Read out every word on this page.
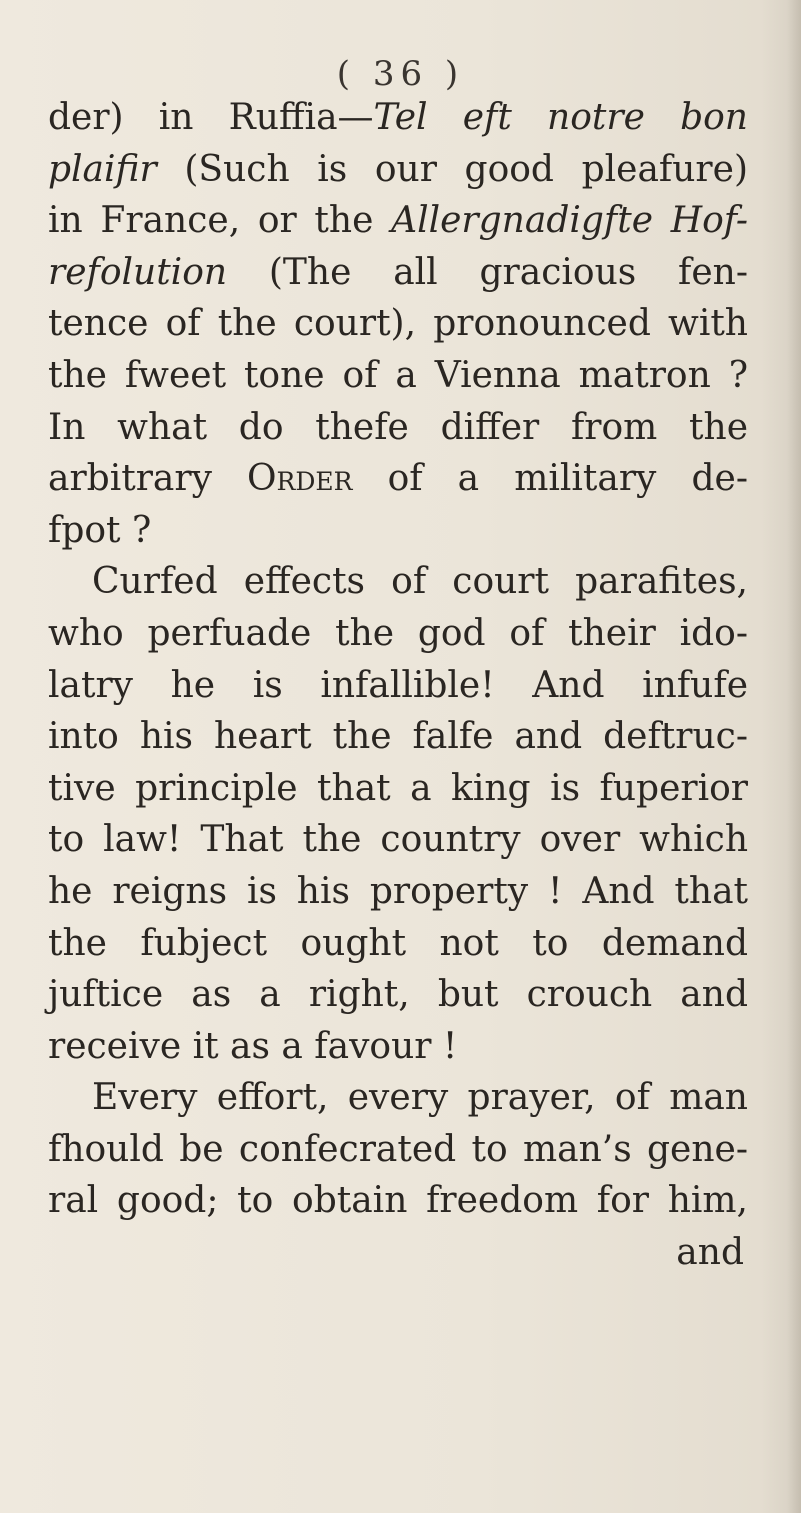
( 36 )
der) in Ruffia—Tel eft notre bon
plaifir (Such is our good pleafure)
in France, or the Allergnadigfte Hof-
refolution (The all gracious fen-
tence of the court), pronounced with
the fweet tone of a Vienna matron ?
In what do thefe differ from the
arbitrary Order of a military de-
fpot ?
Curfed effects of court parafites,
who perfuade the god of their ido-
latry he is infallible! And infufe
into his heart the falfe and deftruc-
tive principle that a king is fuperior
to law! That the country over which
he reigns is his property ! And that
the fubject ought not to demand
juftice as a right, but crouch and
receive it as a favour !
Every effort, every prayer, of man
fhould be confecrated to man’s gene-
ral good; to obtain freedom for him,
and
